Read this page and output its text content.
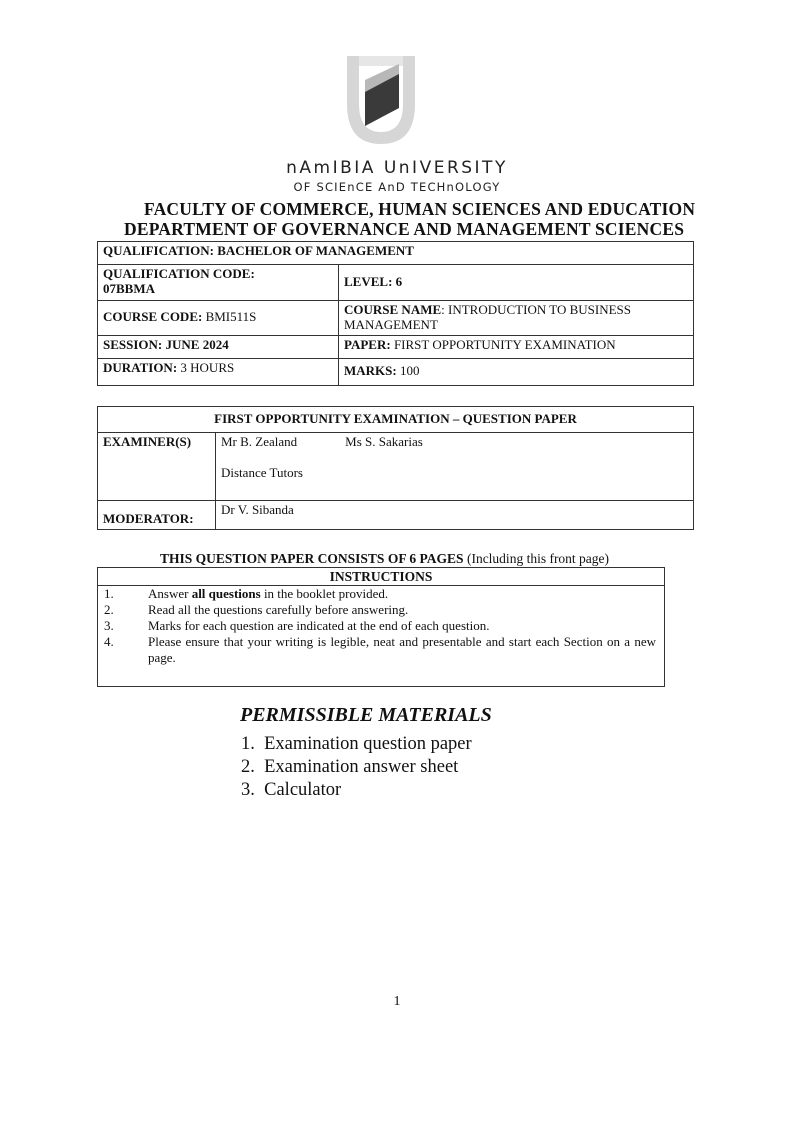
nAmIBIA UnIVERSITY
OF SCIEnCE AnD TECHnOLOGY
FACULTY OF COMMERCE, HUMAN SCIENCES AND EDUCATION
DEPARTMENT OF GOVERNANCE AND MANAGEMENT SCIENCES
QUALIFICATION: BACHELOR OF MANAGEMENT	
QUALIFICATION CODE:
07BBMA	LEVEL: 6
COURSE CODE: BMI511S	COURSE NAME: INTRODUCTION TO BUSINESS MANAGEMENT
SESSION: JUNE 2024	PAPER: FIRST OPPORTUNITY EXAMINATION
DURATION: 3 HOURS	MARKS: 100
FIRST OPPORTUNITY EXAMINATION – QUESTION PAPER	
EXAMINER(S)	Mr B. Zealand Ms S. Sakarias
Distance Tutors

MODERATOR:	Dr V. Sibanda
THIS QUESTION PAPER CONSISTS OF 6 PAGES (Including this front page)
INSTRUCTIONS
1.	Answer all questions in the booklet provided.
2.	Read all the questions carefully before answering.
3.	Marks for each question are indicated at the end of each question.
4.	Please ensure that your writing is legible, neat and presentable and start each Section on a new page.
PERMISSIBLE MATERIALS
1.  Examination question paper
2.  Examination answer sheet
3.  Calculator
1
